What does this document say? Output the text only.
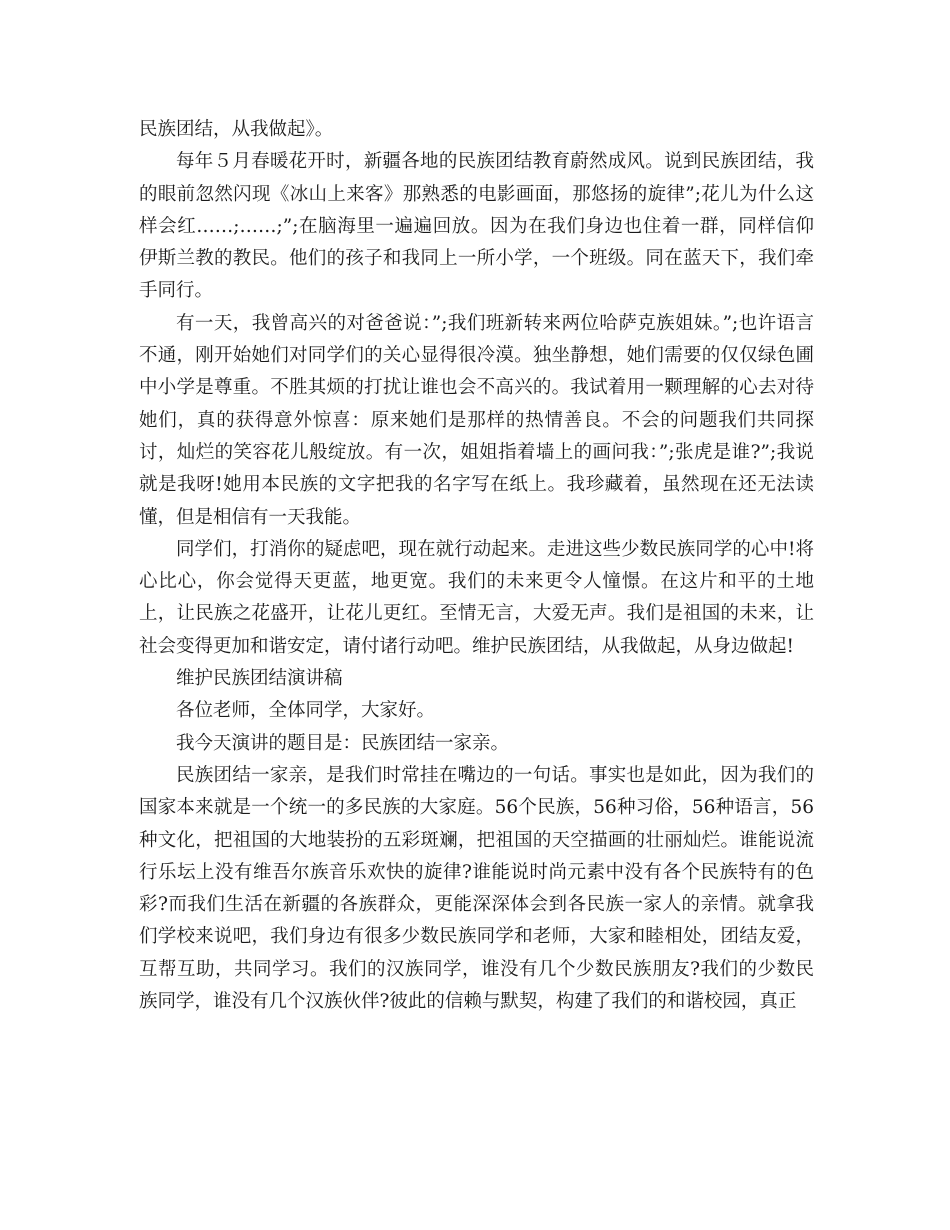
民族团结，从我做起》。

每年５月春暖花开时，新疆各地的民族团结教育蔚然成风。说到民族团结，我的眼前忽然闪现《冰山上来客》那熟悉的电影画面，那悠扬的旋律”;花儿为什么这样会红……;……;”;在脑海里一遍遍回放。因为在我们身边也住着一群，同样信仰伊斯兰教的教民。他们的孩子和我同上一所小学，一个班级。同在蓝天下，我们牵手同行。

有一天，我曾高兴的对爸爸说：”;我们班新转来两位哈萨克族姐妹。”;也许语言不通，刚开始她们对同学们的关心显得很冷漠。独坐静想，她们需要的仅仅绿色圃中小学是尊重。不胜其烦的打扰让谁也会不高兴的。我试着用一颗理解的心去对待她们，真的获得意外惊喜：原来她们是那样的热情善良。不会的问题我们共同探讨，灿烂的笑容花儿般绽放。有一次，姐姐指着墙上的画问我：”;张虎是谁?”;我说就是我呀!她用本民族的文字把我的名字写在纸上。我珍藏着，虽然现在还无法读懂，但是相信有一天我能。

同学们，打消你的疑虑吧，现在就行动起来。走进这些少数民族同学的心中!将心比心，你会觉得天更蓝，地更宽。我们的未来更令人憧憬。在这片和平的土地上，让民族之花盛开，让花儿更红。至情无言，大爱无声。我们是祖国的未来，让社会变得更加和谐安定，请付诸行动吧。维护民族团结，从我做起，从身边做起!

维护民族团结演讲稿

各位老师，全体同学，大家好。

我今天演讲的题目是：民族团结一家亲。

民族团结一家亲，是我们时常挂在嘴边的一句话。事实也是如此，因为我们的国家本来就是一个统一的多民族的大家庭。56个民族，56种习俗，56种语言，56种文化，把祖国的大地装扮的五彩斑斓，把祖国的天空描画的壮丽灿烂。谁能说流行乐坛上没有维吾尔族音乐欢快的旋律?谁能说时尚元素中没有各个民族特有的色彩?而我们生活在新疆的各族群众，更能深深体会到各民族一家人的亲情。就拿我们学校来说吧，我们身边有很多少数民族同学和老师，大家和睦相处，团结友爱，互帮互助，共同学习。我们的汉族同学，谁没有几个少数民族朋友?我们的少数民族同学，谁没有几个汉族伙伴?彼此的信赖与默契，构建了我们的和谐校园，真正
